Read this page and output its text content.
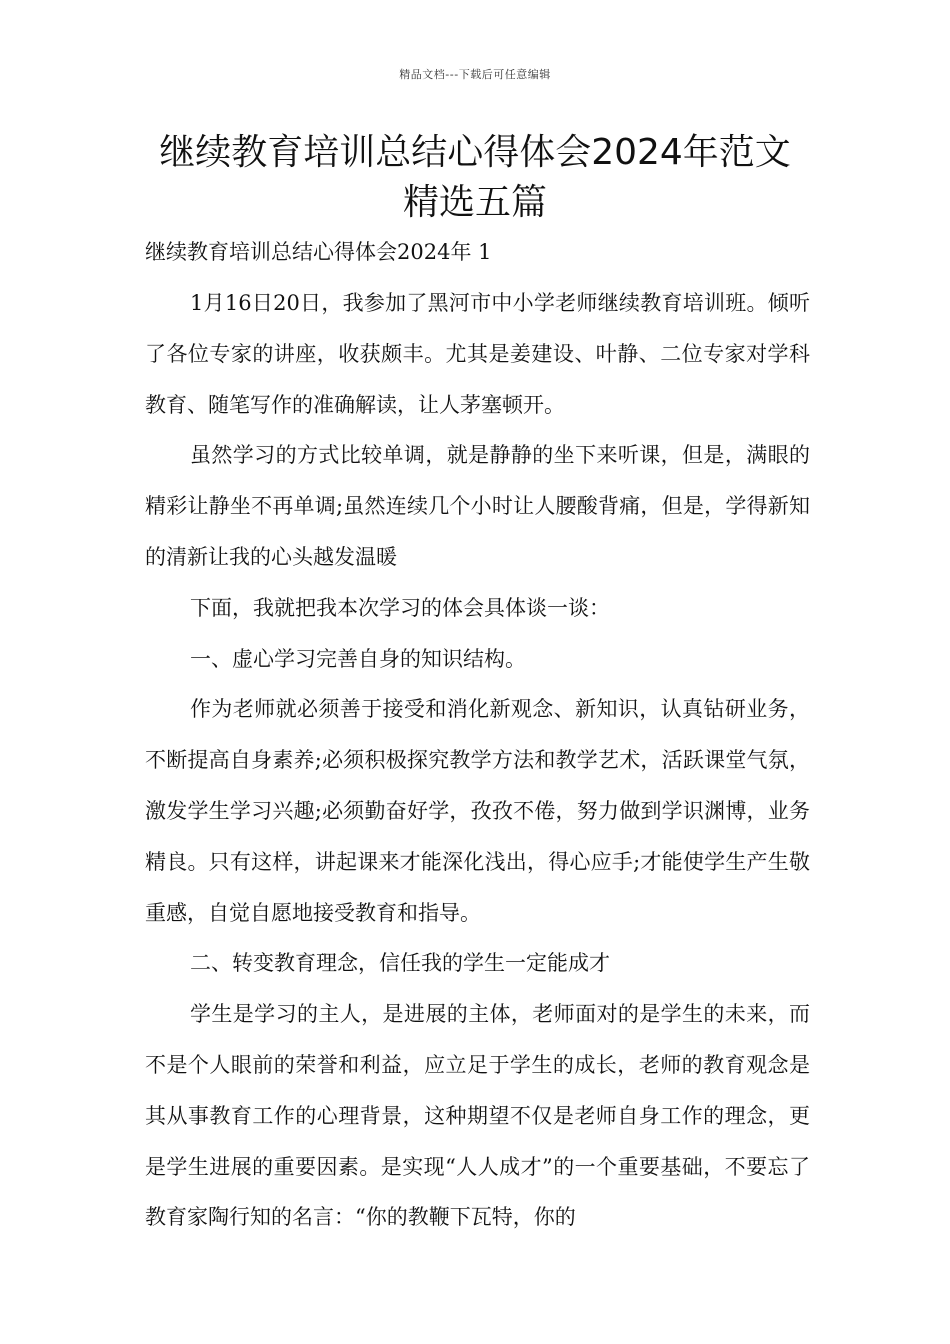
精品文档---下载后可任意编辑
继续教育培训总结心得体会2024年范文精选五篇

继续教育培训总结心得体会2024年 1

1月16日20日，我参加了黑河市中小学老师继续教育培训班。倾听了各位专家的讲座，收获颇丰。尤其是姜建设、叶静、二位专家对学科教育、随笔写作的准确解读，让人茅塞顿开。

虽然学习的方式比较单调，就是静静的坐下来听课，但是，满眼的精彩让静坐不再单调;虽然连续几个小时让人腰酸背痛，但是，学得新知的清新让我的心头越发温暖

下面，我就把我本次学习的体会具体谈一谈：

一、虚心学习完善自身的知识结构。

作为老师就必须善于接受和消化新观念、新知识，认真钻研业务，不断提高自身素养;必须积极探究教学方法和教学艺术，活跃课堂气氛，激发学生学习兴趣;必须勤奋好学，孜孜不倦，努力做到学识渊博，业务精良。只有这样，讲起课来才能深化浅出，得心应手;才能使学生产生敬重感，自觉自愿地接受教育和指导。

二、转变教育理念，信任我的学生一定能成才

学生是学习的主人，是进展的主体，老师面对的是学生的未来，而不是个人眼前的荣誉和利益，应立足于学生的成长，老师的教育观念是其从事教育工作的心理背景，这种期望不仅是老师自身工作的理念，更是学生进展的重要因素。是实现“人人成才”的一个重要基础，不要忘了教育家陶行知的名言：“你的教鞭下瓦特，你的
